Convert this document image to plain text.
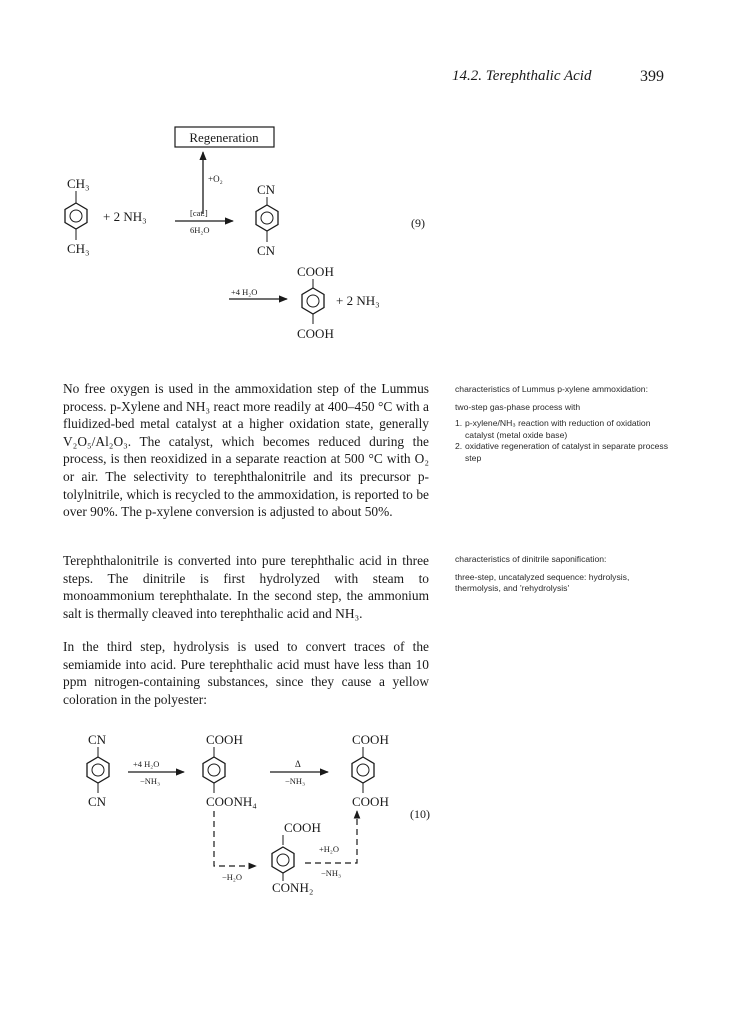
14.2. Terephthalic Acid	399
Regeneration
+O₂
CH₃
CH₃
+ 2 NH₃	[cat.]
6H₂O
CN
CN
(9)
COOH
COOH
+4 H₂O
+ 2 NH₃

No free oxygen is used in the ammoxidation step of the Lummus process. p-Xylene and NH₃ react more readily at 400–450 °C with a fluidized-bed metal catalyst at a higher oxidation state, generally V₂O₅/Al₂O₃. The catalyst, which becomes reduced during the process, is then reoxidized in a separate reaction at 500 °C with O₂ or air. The selectivity to terephthalonitrile and its precursor p-tolylnitrile, which is recycled to the ammoxidation, is reported to be over 90%. The p-xylene conversion is adjusted to about 50%.

Terephthalonitrile is converted into pure terephthalic acid in three steps. The dinitrile is first hydrolyzed with steam to monoammonium terephthalate. In the second step, the ammonium salt is thermally cleaved into terephthalic acid and NH₃.

In the third step, hydrolysis is used to convert traces of the semiamide into acid. Pure terephthalic acid must have less than 10 ppm nitrogen-containing substances, since they cause a yellow coloration in the polyester:

characteristics of Lummus p-xylene ammoxidation:
two-step gas-phase process with
1. p-xylene/NH₃ reaction with reduction of oxidation catalyst (metal oxide base)
2. oxidative regeneration of catalyst in separate process step
characteristics of dinitrile saponification:
three-step, uncatalyzed sequence: hydrolysis, thermolysis, and 'rehydrolysis'
CN
CN
+4 H₂O
−NH₃
COOH
COONH₄
Δ
−NH₃
COOH
COOH
(10)
−H₂O
COOH
CONH₂
+H₂O
−NH₃
